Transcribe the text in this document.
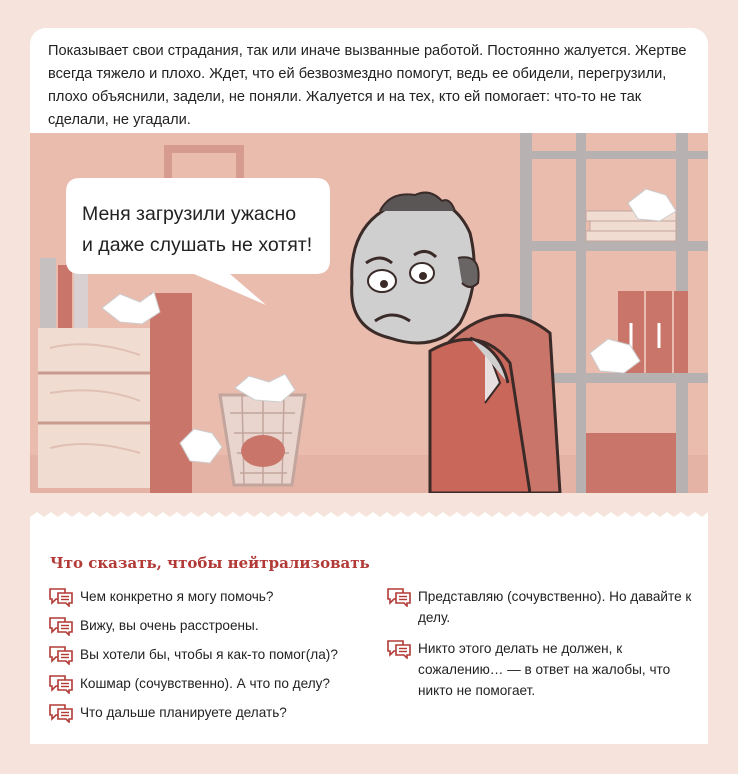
Показывает свои страдания, так или иначе вызванные работой. Постоянно жалуется. Жертве всегда тяжело и плохо. Ждет, что ей безвозмездно помогут, ведь ее обидели, перегрузили, плохо объяснили, задели, не поняли. Жалуется и на тех, кто ей помогает: что-то не так сделали, не угадали.

Меня загрузили ужасно
и даже слушать не хотят!
Что сказать, чтобы нейтрализовать
Чем конкретно я могу помочь?
Вижу, вы очень расстроены.
Вы хотели бы, чтобы я как-то помог(ла)?
Кошмар (сочувственно). А что по делу?
Что дальше планируете делать?
Представляю (сочувственно). Но давайте к делу.
Никто этого делать не должен, к сожалению… — в ответ на жалобы, что никто не помогает.
